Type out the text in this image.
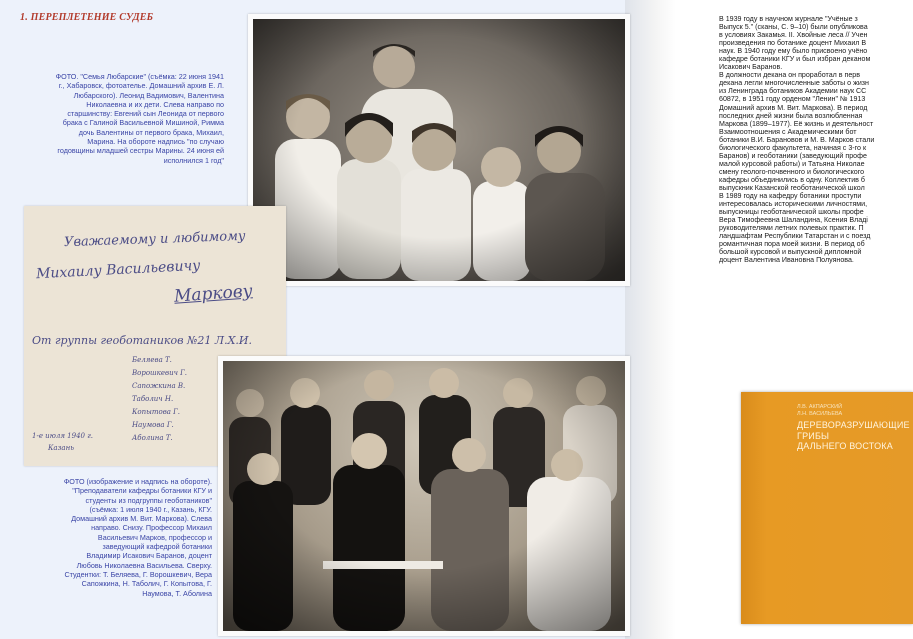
1. ПЕРЕПЛЕТЕНИЕ СУДЕБ
ФОТО. "Семья Любарские" (съёмка: 22 июня 1941
г., Хабаровск, фотоателье. Домашний архив Е. Л.
Любарского). Леонид Вадимович, Валентина
Николаевна и их дети. Слева направо по
старшинству: Евгений сын Леонида от первого
брака с Галиной Васильевной Мишиной, Римма
дочь Валентины от первого брака, Михаил,
Марина. На обороте надпись "по случаю
годовщины младшей сестры Марины. 24 июня ей
исполнился 1 год"
Уважаемому и любимому
Михаилу Васильевичу
Маркову
От группы геоботаников №21 Л.Х.И.
Беляева Т.
Ворошкевич Г.
Сапожкина В.
Таболич Н.
Копытова Г.
Наумова Г.
Аболина Т.
1-е июля 1940 г.
Казань
ФОТО (изображение и надпись на обороте).
"Преподаватели кафедры ботаники КГУ и
студенты из подгруппы геоботаников"
(съёмка: 1 июля 1940 г., Казань, КГУ.
Домашний архив М. Вит. Маркова). Слева
направо. Снизу. Профессор Михаил
Васильевич Марков, профессор и
заведующий кафедрой ботаники
Владимир Исакович Баранов, доцент
Любовь Николаевна Васильева. Сверху.
Студентки: Т. Беляева, Г. Ворошкевич, Вера
Сапожкина, Н. Таболич, Г. Копытова, Г.
Наумова, Т. Аболина
В 1939 году в научном журнале "Учёные з
Выпуск 5." (сканы, С. 9–10) были опубликова
в условиях Закамья. II. Хвойные леса // Учен
произведения по ботанике доцент Михаил В
наук. В 1940 году ему было присвоено учёно
кафедре ботаники КГУ и был избран деканом
Исакович Баранов.
В должности декана он проработал в перв
декана легли многочисленные заботы о жизн
из Ленинграда ботаников Академии наук СС
60872, в 1951 году орденом "Ленин" № 1913
Домашний архив М. Вит. Маркова). В период
последних дней жизни была возлюбленная
Маркова (1899–1977). Её жизнь и деятельност
Взаимоотношения с Академическими бот
ботаники В.И. Барановов и М. В. Марков стали
биологического факультета, начиная с 3-го к
Баранов) и геоботаники (заведующий профе
малой курсовой работы) и Татьяна Николае
смену геолого-почвенного и биологического
кафедры объединились в одну. Коллектив б
выпускник Казанской геоботанической школ
В 1989 году на кафедру ботаники проступи
интересовалась историческими личностями,
выпускницы геоботанической школы профе
Вера Тимофеевна Шаландина, Ксения Владі
руководителями летних полевых практик. П
ландшафтам Республики Татарстан и с поезд
романтичная пора моей жизни. В период об
большой курсовой и выпускной дипломной
доцент Валентина Ивановна Полуянова.
Л.В. АКПАРСКИЙ
Л.Н. ВАСИЛЬЕВА
ДЕРЕВОРАЗРУШАЮЩИЕ
ГРИБЫ
ДАЛЬНЕГО ВОСТОКА
